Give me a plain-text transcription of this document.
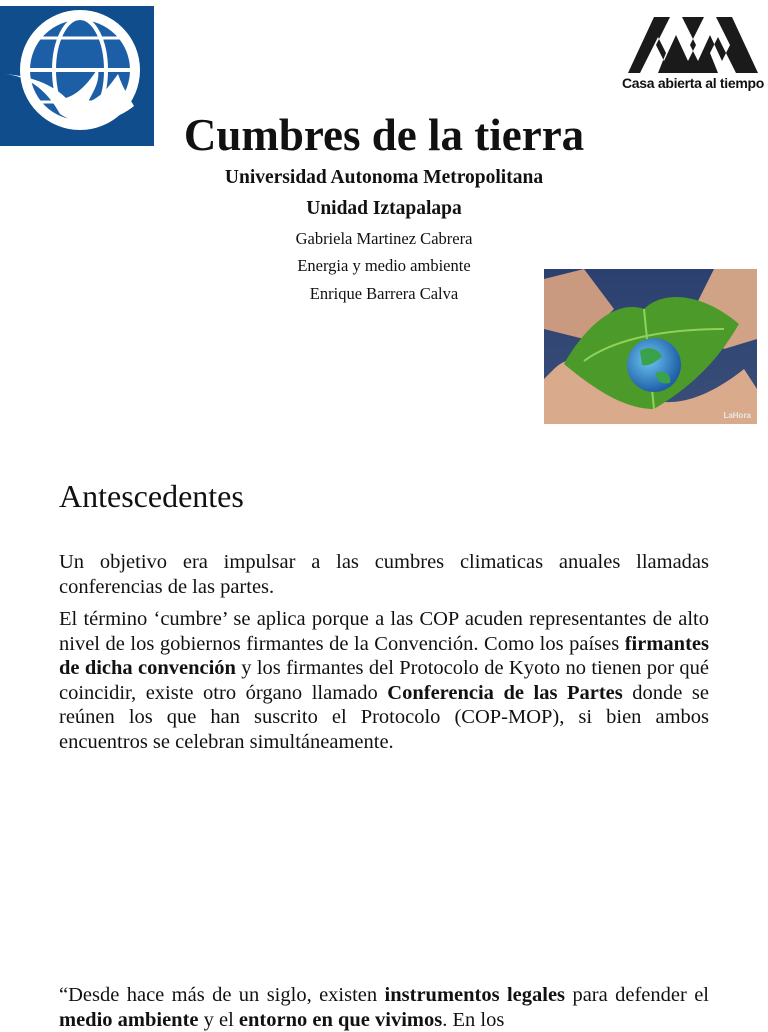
Casa abierta al tiempo
Cumbres de la tierra

Universidad Autonoma Metropolitana

Unidad Iztapalapa

Gabriela Martinez Cabrera

Energia y medio ambiente

Enrique Barrera Calva

LaHora
Antescedentes

Un objetivo era impulsar a las cumbres climaticas anuales llamadas conferencias de las partes.

El término ‘cumbre’ se aplica porque a las COP acuden representantes de alto nivel de los gobiernos firmantes de la Convención. Como los países firmantes de dicha convención y los firmantes del Protocolo de Kyoto no tienen por qué coincidir, existe otro órgano llamado Conferencia de las Partes donde se reúnen los que han suscrito el Protocolo (COP-MOP), si bien ambos encuentros se celebran simultáneamente.

“Desde hace más de un siglo, existen instrumentos legales para defender el medio ambiente y el entorno en que vivimos. En los
